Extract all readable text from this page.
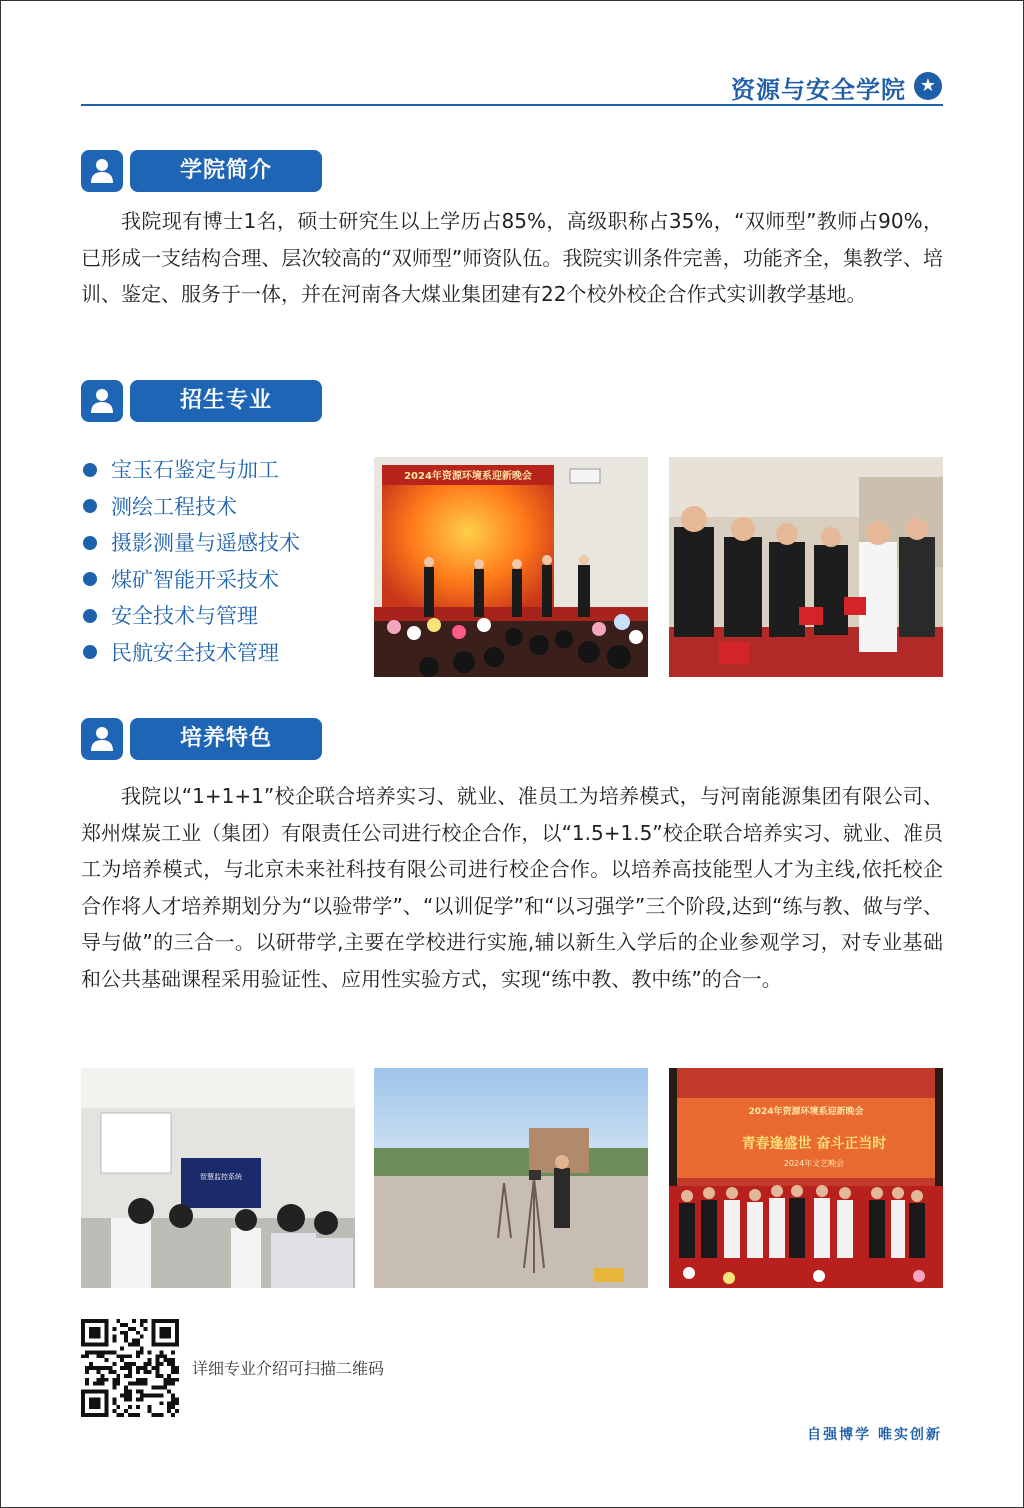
资源与安全学院 ★
学院简介

我院现有博士1名，硕士研究生以上学历占85%，高级职称占35%，“双师型”教师占90%，已形成一支结构合理、层次较高的“双师型”师资队伍。我院实训条件完善，功能齐全，集教学、培训、鉴定、服务于一体，并在河南各大煤业集团建有22个校外校企合作式实训教学基地。

招生专业
宝玉石鉴定与加工
测绘工程技术
摄影测量与遥感技术
煤矿智能开采技术
安全技术与管理
民航安全技术管理
2024年资源环境系迎新晚会
培养特色

我院以“1+1+1”校企联合培养实习、就业、准员工为培养模式，与河南能源集团有限公司、郑州煤炭工业（集团）有限责任公司进行校企合作，以“1.5+1.5”校企联合培养实习、就业、准员工为培养模式，与北京未来社科技有限公司进行校企合作。以培养高技能型人才为主线,依托校企合作将人才培养期划分为“以验带学”、“以训促学”和“以习强学”三个阶段,达到“练与教、做与学、导与做”的三合一。以研带学,主要在学校进行实施,辅以新生入学后的企业参观学习，对专业基础和公共基础课程采用验证性、应用性实验方式，实现“练中教、教中练”的合一。

智慧监控系统
2024年资源环境系迎新晚会
青春逢盛世 奋斗正当时
2024年文艺晚会
详细专业介绍可扫描二维码
自强博学 唯实创新
